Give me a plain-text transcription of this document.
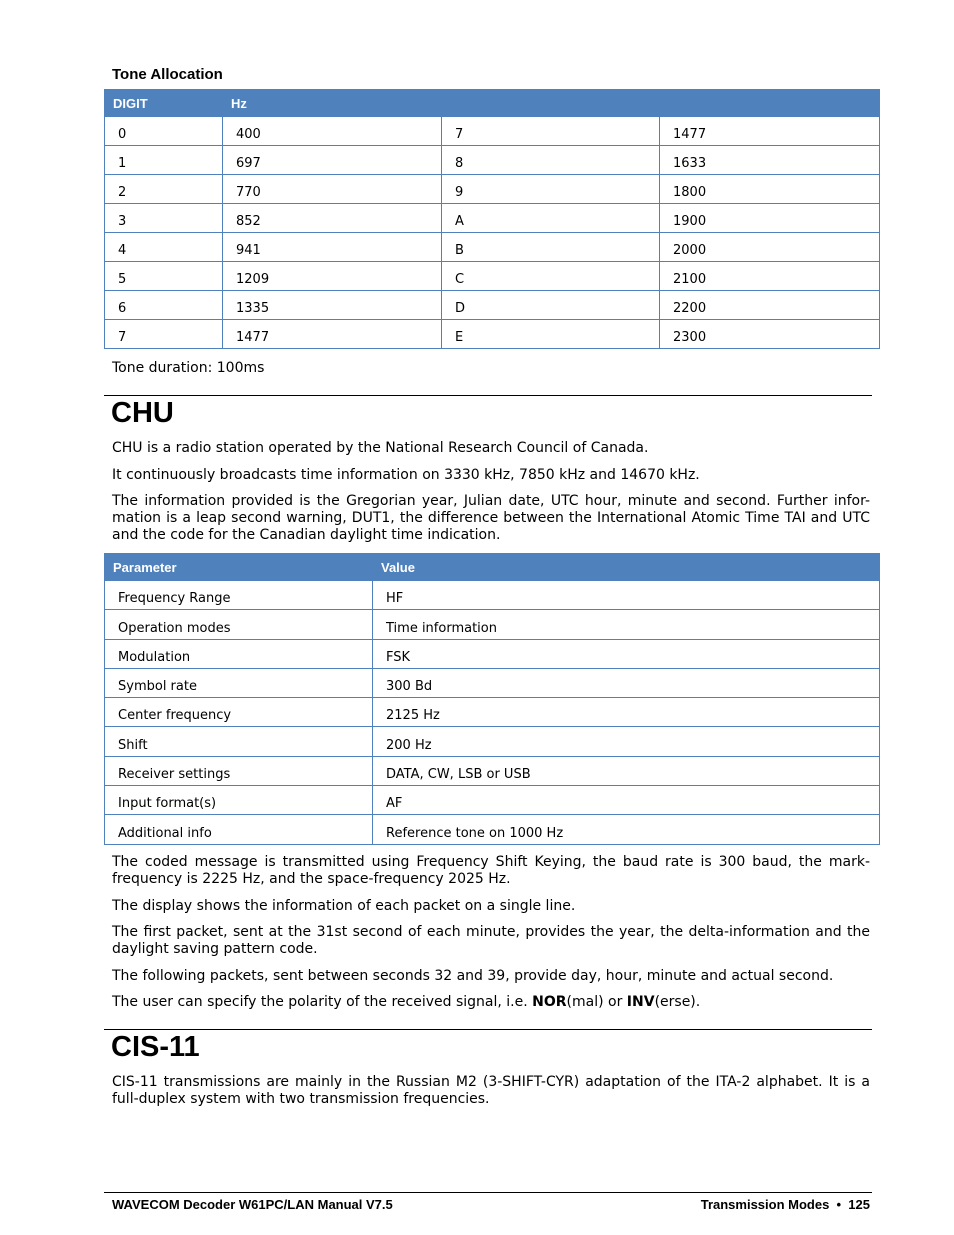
Tone Allocation
DIGIT	Hz		
0	400	7	1477
1	697	8	1633
2	770	9	1800
3	852	A	1900
4	941	B	2000
5	1209	C	2100
6	1335	D	2200
7	1477	E	2300
Tone duration: 100ms
CHU
CHU is a radio station operated by the National Research Council of Canada.
It continuously broadcasts time information on 3330 kHz, 7850 kHz and 14670 kHz.
The information provided is the Gregorian year, Julian date, UTC hour, minute and second. Further infor-mation is a leap second warning, DUT1, the difference between the International Atomic Time TAI and UTC and the code for the Canadian daylight time indication.
Parameter	Value
Frequency Range	HF
Operation modes	Time information
Modulation	FSK
Symbol rate	300 Bd
Center frequency	2125 Hz
Shift	200 Hz
Receiver settings	DATA, CW, LSB or USB
Input format(s)	AF
Additional info	Reference tone on 1000 Hz
The coded message is transmitted using Frequency Shift Keying, the baud rate is 300 baud, the mark-frequency is 2225 Hz, and the space-frequency 2025 Hz.
The display shows the information of each packet on a single line.
The first packet, sent at the 31st second of each minute, provides the year, the delta-information and the daylight saving pattern code.
The following packets, sent between seconds 32 and 39, provide day, hour, minute and actual second.
The user can specify the polarity of the received signal, i.e. NOR(mal) or INV(erse).
CIS-11
CIS-11 transmissions are mainly in the Russian M2 (3-SHIFT-CYR) adaptation of the ITA-2 alphabet. It is a full-duplex system with two transmission frequencies.
WAVECOM Decoder W61PC/LAN Manual V7.5	Transmission Modes  •  125
